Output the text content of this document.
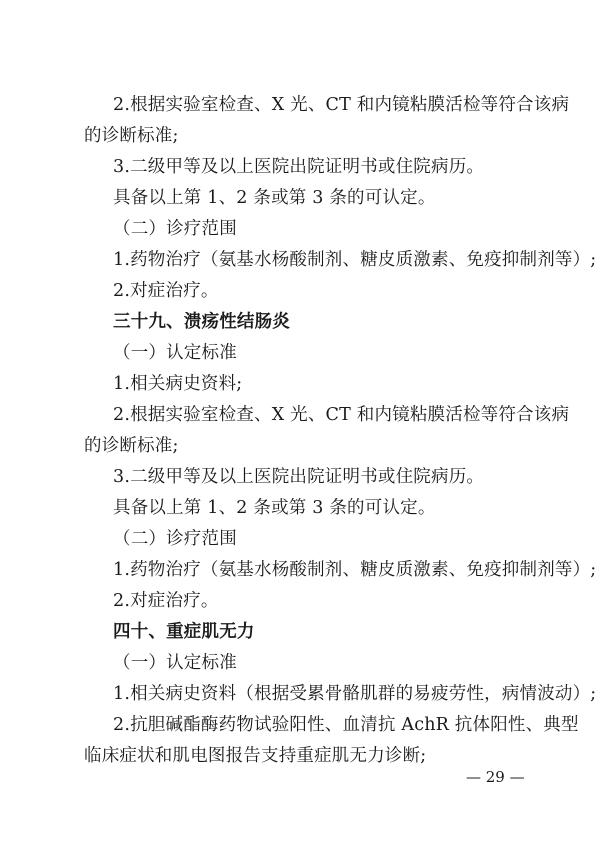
2.根据实验室检查、X 光、CT 和内镜粘膜活检等符合该病
的诊断标准;
3.二级甲等及以上医院出院证明书或住院病历。
具备以上第 1、2 条或第 3 条的可认定。
（二）诊疗范围
1.药物治疗（氨基水杨酸制剂、糖皮质激素、免疫抑制剂等）;
2.对症治疗。
三十九、溃疡性结肠炎
（一）认定标准
1.相关病史资料;
2.根据实验室检查、X 光、CT 和内镜粘膜活检等符合该病
的诊断标准;
3.二级甲等及以上医院出院证明书或住院病历。
具备以上第 1、2 条或第 3 条的可认定。
（二）诊疗范围
1.药物治疗（氨基水杨酸制剂、糖皮质激素、免疫抑制剂等）;
2.对症治疗。
四十、重症肌无力
（一）认定标准
1.相关病史资料（根据受累骨骼肌群的易疲劳性，病情波动）;
2.抗胆碱酯酶药物试验阳性、血清抗 AchR 抗体阳性、典型
临床症状和肌电图报告支持重症肌无力诊断;
— 29 —
